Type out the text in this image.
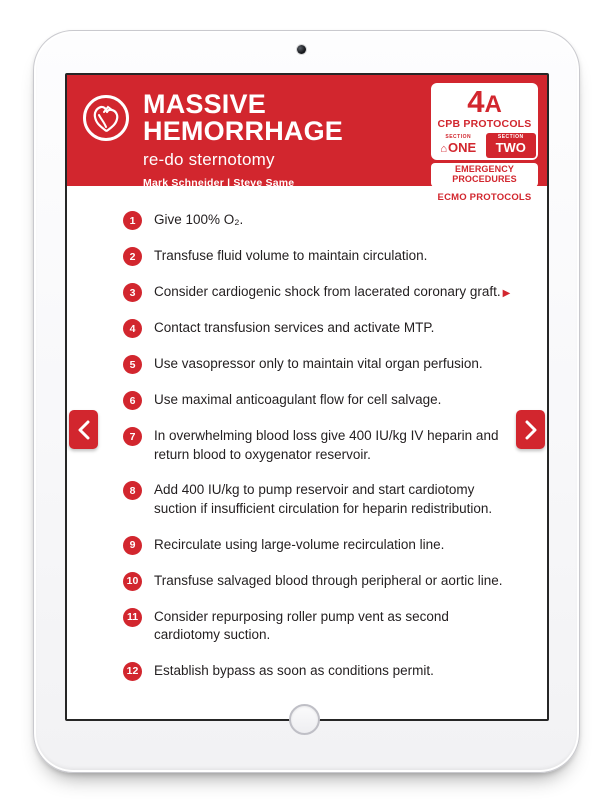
MASSIVE
HEMORRHAGE
re-do sternotomy
Mark Schneider | Steve Same
4A
CPB PROTOCOLS
SECTION
⌂ONE
SECTION
TWO
EMERGENCY PROCEDURES
ECMO PROTOCOLS
1	Give 100% O₂.
2	Transfuse fluid volume to maintain circulation.
3	Consider cardiogenic shock from lacerated coronary graft. ▶
4	Contact transfusion services and activate MTP.
5	Use vasopressor only to maintain vital organ perfusion.
6	Use maximal anticoagulant flow for cell salvage.
7	In overwhelming blood loss give 400 IU/kg IV heparin and return blood to oxygenator reservoir.
8	Add 400 IU/kg to pump reservoir and start cardiotomy suction if insufficient circulation for heparin redistribution.
9	Recirculate using large-volume recirculation line.
10 Transfuse salvaged blood through peripheral or aortic line.
11 Consider repurposing roller pump vent as second cardiotomy suction.
12 Establish bypass as soon as conditions permit.
